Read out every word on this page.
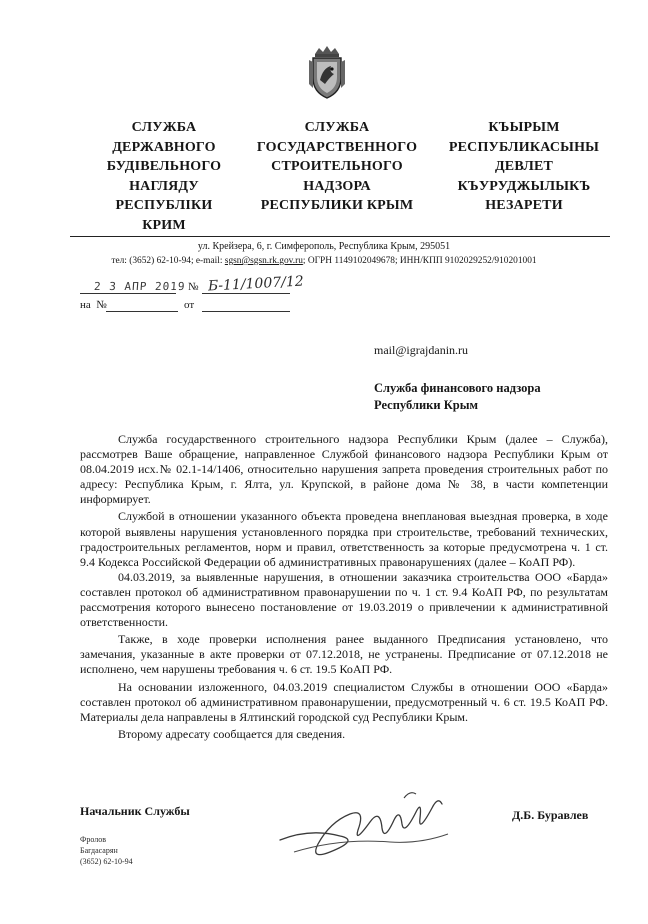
СЛУЖБА
ДЕРЖАВНОГО
БУДІВЕЛЬНОГО
НАГЛЯДУ
РЕСПУБЛІКИ
КРИМ
СЛУЖБА
ГОСУДАРСТВЕННОГО
СТРОИТЕЛЬНОГО
НАДЗОРА
РЕСПУБЛИКИ КРЫМ
КЪЫРЫМ
РЕСПУБЛИКАСЫНЫ
ДЕВЛЕТ
КЪУРУДЖЫЛЫКЪ
НЕЗАРЕТИ
ул. Крейзера, 6, г. Симферополь, Республика Крым, 295051
тел: (3652) 62-10-94; e-mail: sgsn@sgsn.rk.gov.ru; ОГРН 1149102049678; ИНН/КПП 9102029252/910201001
2 3 АПР 2019 № Б-11/1007/12
на  №	от
mail@igrajdanin.ru
Служба финансового надзора
Республики Крым

Служба государственного строительного надзора Республики Крым (далее – Служба), рассмотрев Ваше обращение, направленное Службой финансового надзора Республики Крым от 08.04.2019 исх.№ 02.1-14/1406, относительно нарушения запрета проведения строительных работ по адресу: Республика Крым, г. Ялта, ул. Крупской, в районе дома № 38, в части компетенции информирует.

Службой в отношении указанного объекта проведена внеплановая выездная проверка, в ходе которой выявлены нарушения установленного порядка при строительстве, требований технических, градостроительных регламентов, норм и правил, ответственность за которые предусмотрена ч. 1 ст. 9.4 Кодекса Российской Федерации об административных правонарушениях (далее – КоАП РФ).

04.03.2019, за выявленные нарушения, в отношении заказчика строительства ООО «Барда» составлен протокол об административном правонарушении по ч. 1 ст. 9.4 КоАП РФ, по результатам рассмотрения которого вынесено постановление от 19.03.2019 о привлечении к административной ответственности.

Также, в ходе проверки исполнения ранее выданного Предписания установлено, что замечания, указанные в акте проверки от 07.12.2018, не устранены. Предписание от 07.12.2018 не исполнено, чем нарушены требования ч. 6 ст. 19.5 КоАП РФ.

На основании изложенного, 04.03.2019 специалистом Службы в отношении ООО «Барда» составлен протокол об административном правонарушении, предусмотренный ч. 6 ст. 19.5 КоАП РФ. Материалы дела направлены в Ялтинский городской суд Республики Крым.

Второму адресату сообщается для сведения.

Начальник Службы	Д.Б. Буравлев
Фролов
Багдасарян
(3652) 62-10-94
